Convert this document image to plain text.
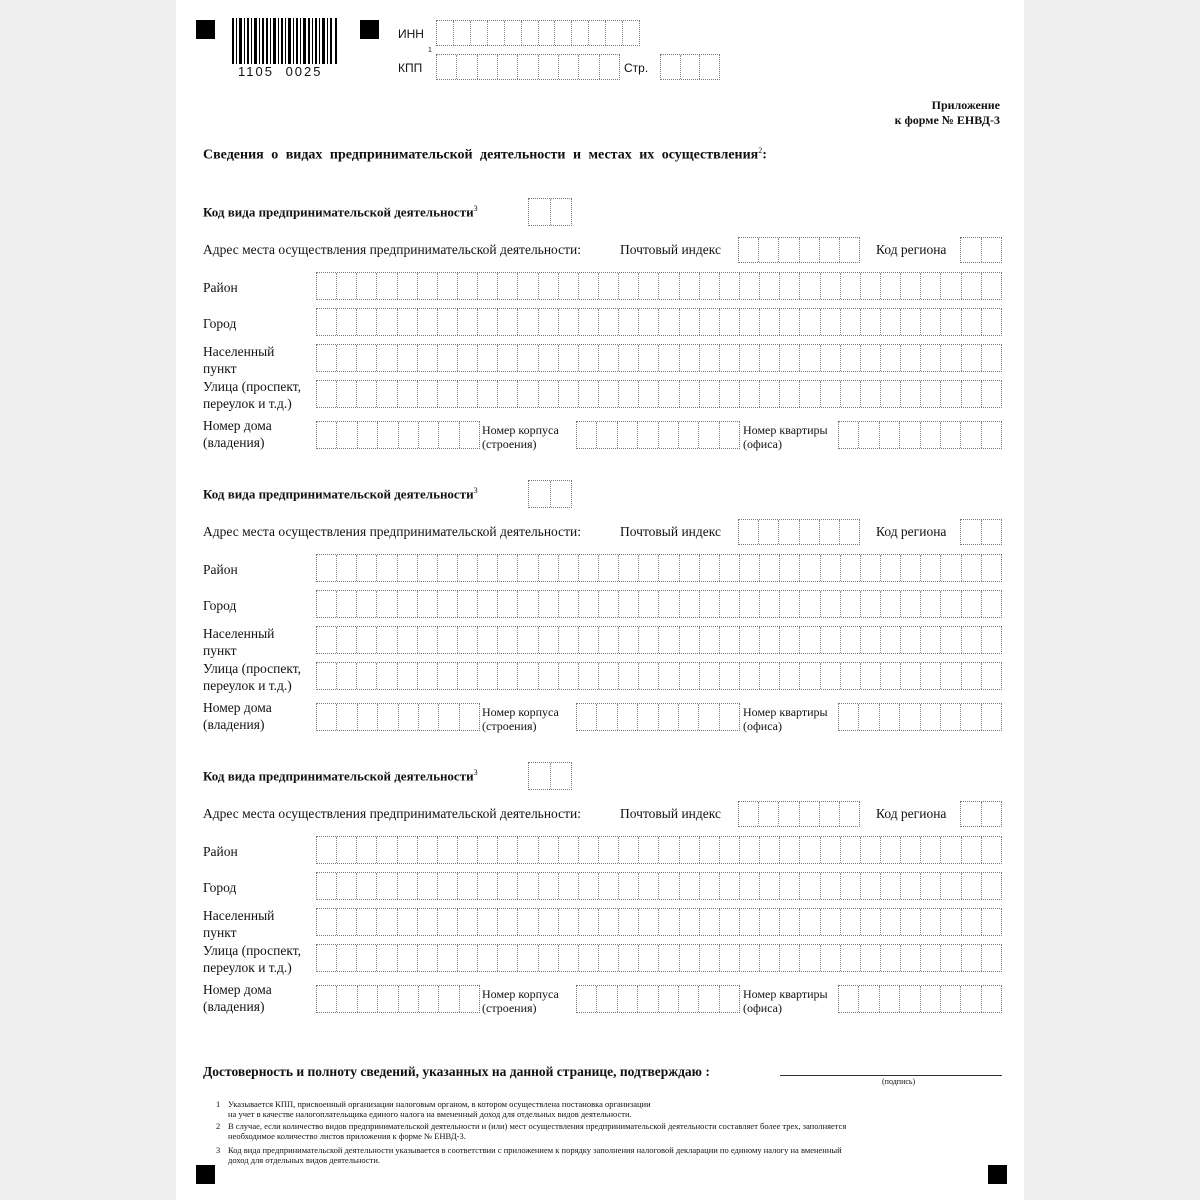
1105 0025
ИНН
1
КПП	Стр.
Приложение
к форме № ЕНВД-3
Сведения о видах предпринимательской деятельности и местах их осуществления$^2$:
Код вида предпринимательской деятельности$^3$
Адрес места осуществления предпринимательской деятельности:	Почтовый индекс	Код региона
Район
Город
Населенный
пункт
Улица (проспект,
переулок и т.д.)
Номер дома
(владения)
Номер корпуса
(строения)
Номер квартиры
(офиса)
Код вида предпринимательской деятельности$^3$
Адрес места осуществления предпринимательской деятельности:	Почтовый индекс	Код региона
Район
Город
Населенный
пункт
Улица (проспект,
переулок и т.д.)
Номер дома
(владения)
Номер корпуса
(строения)
Номер квартиры
(офиса)
Код вида предпринимательской деятельности$^3$
Адрес места осуществления предпринимательской деятельности:	Почтовый индекс	Код региона
Район
Город
Населенный
пункт
Улица (проспект,
переулок и т.д.)
Номер дома
(владения)
Номер корпуса
(строения)
Номер квартиры
(офиса)
Достоверность и полноту сведений, указанных на данной странице, подтверждаю :
(подпись)
1 Указывается КПП, присвоенный организации налоговым органом, в котором осуществлена постановка организации
на учет в качестве налогоплательщика единого налога на вмененный доход для отдельных видов деятельности.
2 В случае, если количество видов предпринимательской деятельности и (или) мест осуществления предпринимательской деятельности составляет более трех, заполняется
необходимое количество листов приложения к форме № ЕНВД-3.
3 Код вида предпринимательской деятельности указывается в соответствии с приложением к порядку заполнения налоговой декларации по единому налогу на вмененный
доход для отдельных видов деятельности.
